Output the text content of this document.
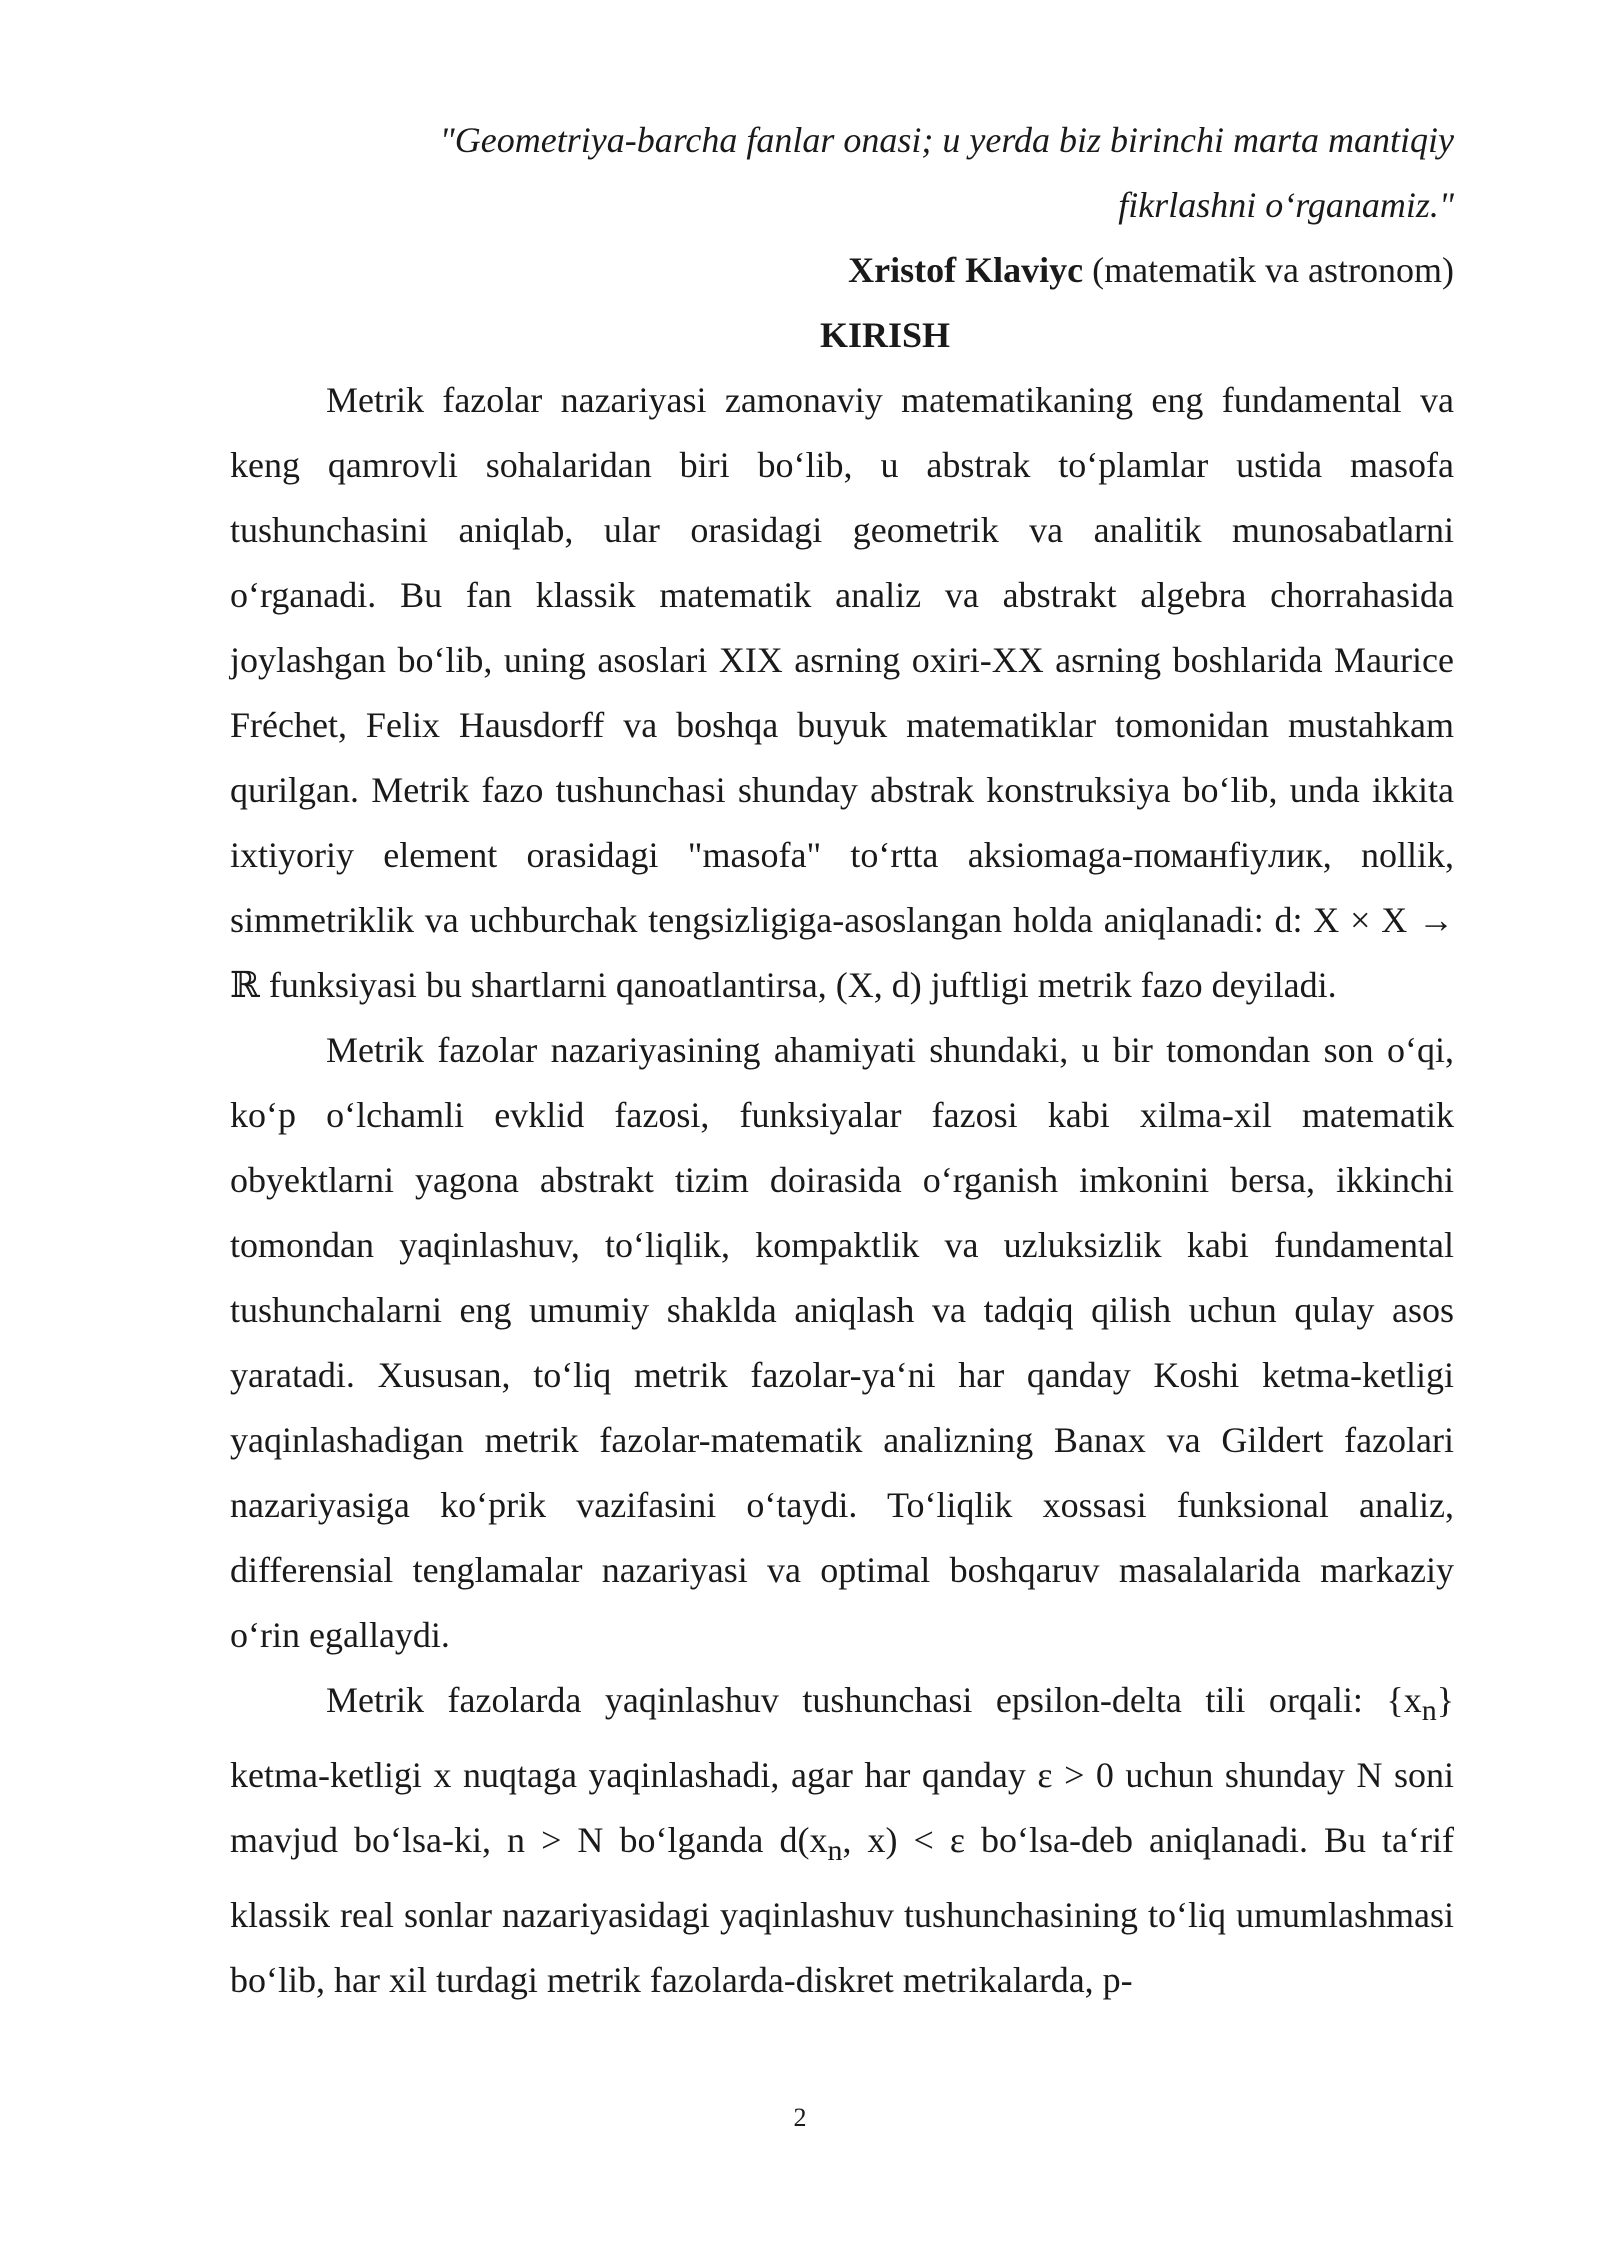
"Geometriya-barcha fanlar onasi; u yerda biz birinchi marta mantiqiy fikrlashni o‘rganamiz."

Xristof Klaviyc (matematik va astronom)

KIRISH

Metrik fazolar nazariyasi zamonaviy matematikaning eng fundamental va keng qamrovli sohalaridan biri bo‘lib, u abstrak to‘plamlar ustida masofa tushunchasini aniqlab, ular orasidagi geometrik va analitik munosabatlarni o‘rganadi. Bu fan klassik matematik analiz va abstrakt algebra chorrahasida joylashgan bo‘lib, uning asoslari XIX asrning oxiri-XX asrning boshlarida Maurice Fréchet, Felix Hausdorff va boshqa buyuk matematiklar tomonidan mustahkam qurilgan. Metrik fazo tushunchasi shunday abstrak konstruksiya bo‘lib, unda ikkita ixtiyoriy element orasidagi "masofa" to‘rtta aksiomaga-поманfiyлик, nollik, simmetriklik va uchburchak tengsizligiga-asoslangan holda aniqlanadi: d: X × X → ℝ funksiyasi bu shartlarni qanoatlantirsa, (X, d) juftligi metrik fazo deyiladi.

Metrik fazolar nazariyasining ahamiyati shundaki, u bir tomondan son o‘qi, ko‘p o‘lchamli evklid fazosi, funksiyalar fazosi kabi xilma-xil matematik obyektlarni yagona abstrakt tizim doirasida o‘rganish imkonini bersa, ikkinchi tomondan yaqinlashuv, to‘liqlik, kompaktlik va uzluksizlik kabi fundamental tushunchalarni eng umumiy shaklda aniqlash va tadqiq qilish uchun qulay asos yaratadi. Xususan, to‘liq metrik fazolar-ya‘ni har qanday Koshi ketma-ketligi yaqinlashadigan metrik fazolar-matematik analizning Banax va Gildert fazolari nazariyasiga ko‘prik vazifasini o‘taydi. To‘liqlik xossasi funksional analiz, differensial tenglamalar nazariyasi va optimal boshqaruv masalalarida markaziy o‘rin egallaydi.

Metrik fazolarda yaqinlashuv tushunchasi epsilon-delta tili orqali: $\{x_n\}$ ketma-ketligi x nuqtaga yaqinlashadi, agar har qanday ε > 0 uchun shunday N soni mavjud bo‘lsa-ki, n > N bo‘lganda $d(x_n$, x) < ε bo‘lsa-deb aniqlanadi. Bu ta‘rif klassik real sonlar nazariyasidagi yaqinlashuv tushunchasining to‘liq umumlashmasi bo‘lib, har xil turdagi metrik fazolarda-diskret metrikalarda, p-

2
